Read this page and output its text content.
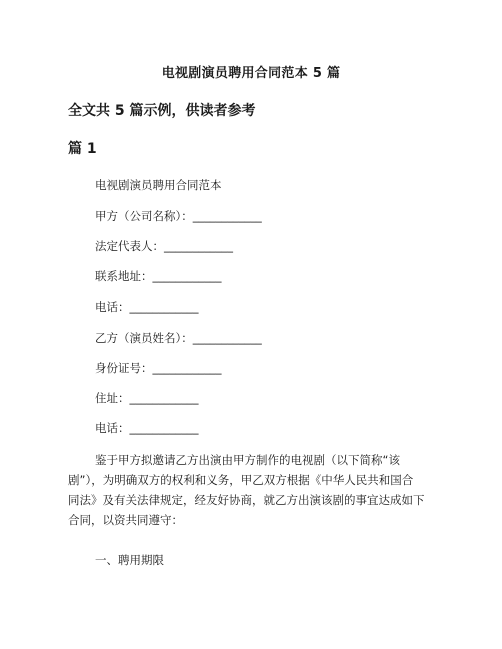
电视剧演员聘用合同范本 5 篇
全文共 5 篇示例，供读者参考
篇 1
电视剧演员聘用合同范本
甲方（公司名称）：____________
法定代表人：____________
联系地址：____________
电话：____________
乙方（演员姓名）：____________
身份证号：____________
住址：____________
电话：____________
鉴于甲方拟邀请乙方出演由甲方制作的电视剧（以下简称“该
剧”），为明确双方的权利和义务，甲乙双方根据《中华人民共和国合
同法》及有关法律规定，经友好协商，就乙方出演该剧的事宜达成如下
合同，以资共同遵守：
一、聘用期限
